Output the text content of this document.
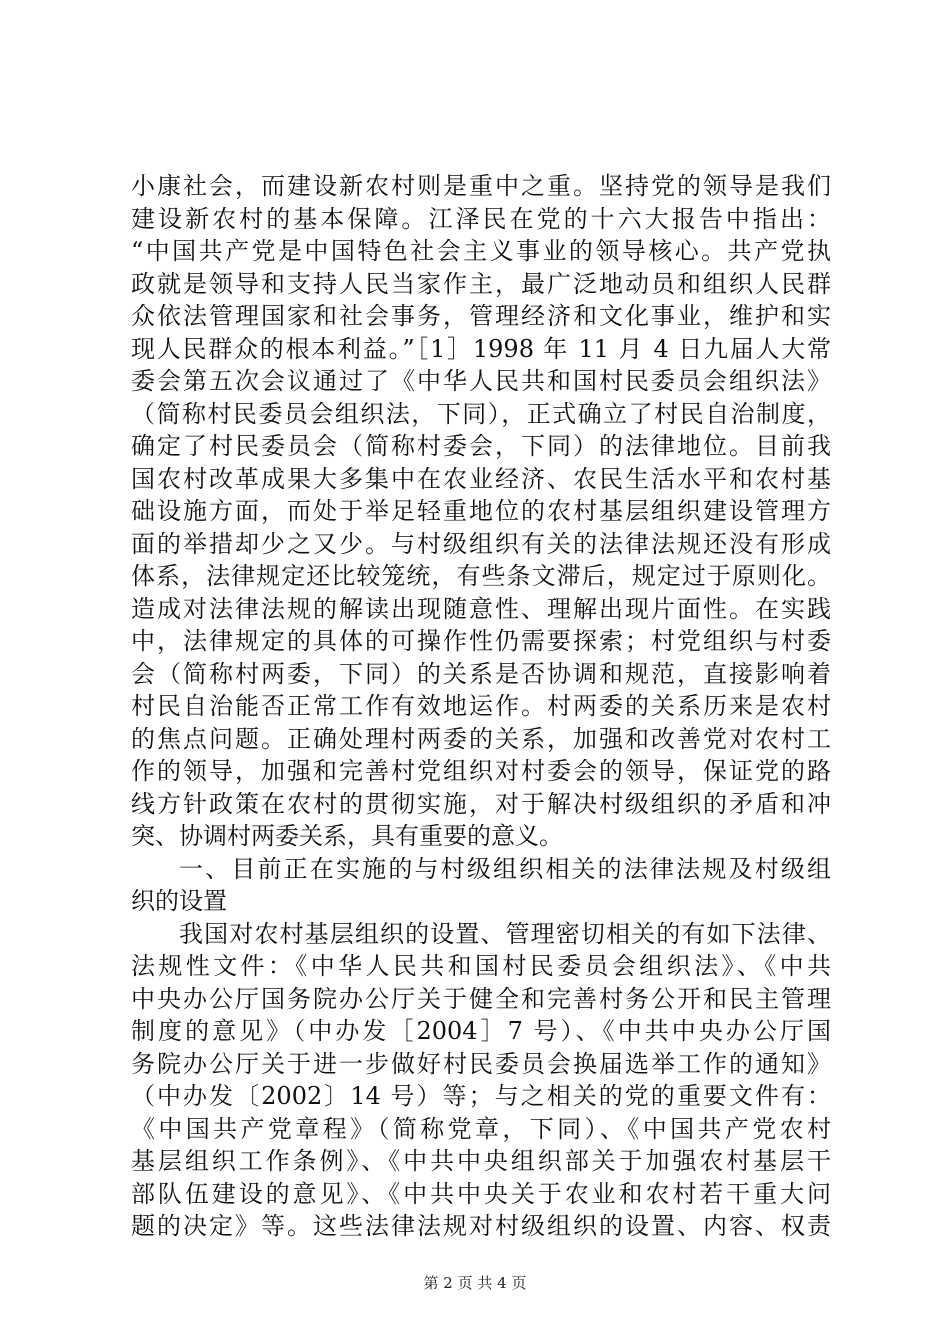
小康社会，而建设新农村则是重中之重。坚持党的领导是我们
建设新农村的基本保障。江泽民在党的十六大报告中指出：
“中国共产党是中国特色社会主义事业的领导核心。共产党执
政就是领导和支持人民当家作主，最广泛地动员和组织人民群
众依法管理国家和社会事务，管理经济和文化事业，维护和实
现人民群众的根本利益。”［1］1998 年 11 月 4 日九届人大常
委会第五次会议通过了《中华人民共和国村民委员会组织法》
（简称村民委员会组织法，下同），正式确立了村民自治制度，
确定了村民委员会（简称村委会，下同）的法律地位。目前我
国农村改革成果大多集中在农业经济、农民生活水平和农村基
础设施方面，而处于举足轻重地位的农村基层组织建设管理方
面的举措却少之又少。与村级组织有关的法律法规还没有形成
体系，法律规定还比较笼统，有些条文滞后，规定过于原则化。
造成对法律法规的解读出现随意性、理解出现片面性。在实践
中，法律规定的具体的可操作性仍需要探索；村党组织与村委
会（简称村两委，下同）的关系是否协调和规范，直接影响着
村民自治能否正常工作有效地运作。村两委的关系历来是农村
的焦点问题。正确处理村两委的关系，加强和改善党对农村工
作的领导，加强和完善村党组织对村委会的领导，保证党的路
线方针政策在农村的贯彻实施，对于解决村级组织的矛盾和冲
突、协调村两委关系，具有重要的意义。
一、目前正在实施的与村级组织相关的法律法规及村级组
织的设置
我国对农村基层组织的设置、管理密切相关的有如下法律、
法规性文件：《中华人民共和国村民委员会组织法》、《中共
中央办公厅国务院办公厅关于健全和完善村务公开和民主管理
制度的意见》（中办发［2004］7 号）、《中共中央办公厅国
务院办公厅关于进一步做好村民委员会换届选举工作的通知》
（中办发〔2002〕14 号）等；与之相关的党的重要文件有：
《中国共产党章程》（简称党章，下同）、《中国共产党农村
基层组织工作条例》、《中共中央组织部关于加强农村基层干
部队伍建设的意见》、《中共中央关于农业和农村若干重大问
题的决定》等。这些法律法规对村级组织的设置、内容、权责
第 2 页 共 4 页
